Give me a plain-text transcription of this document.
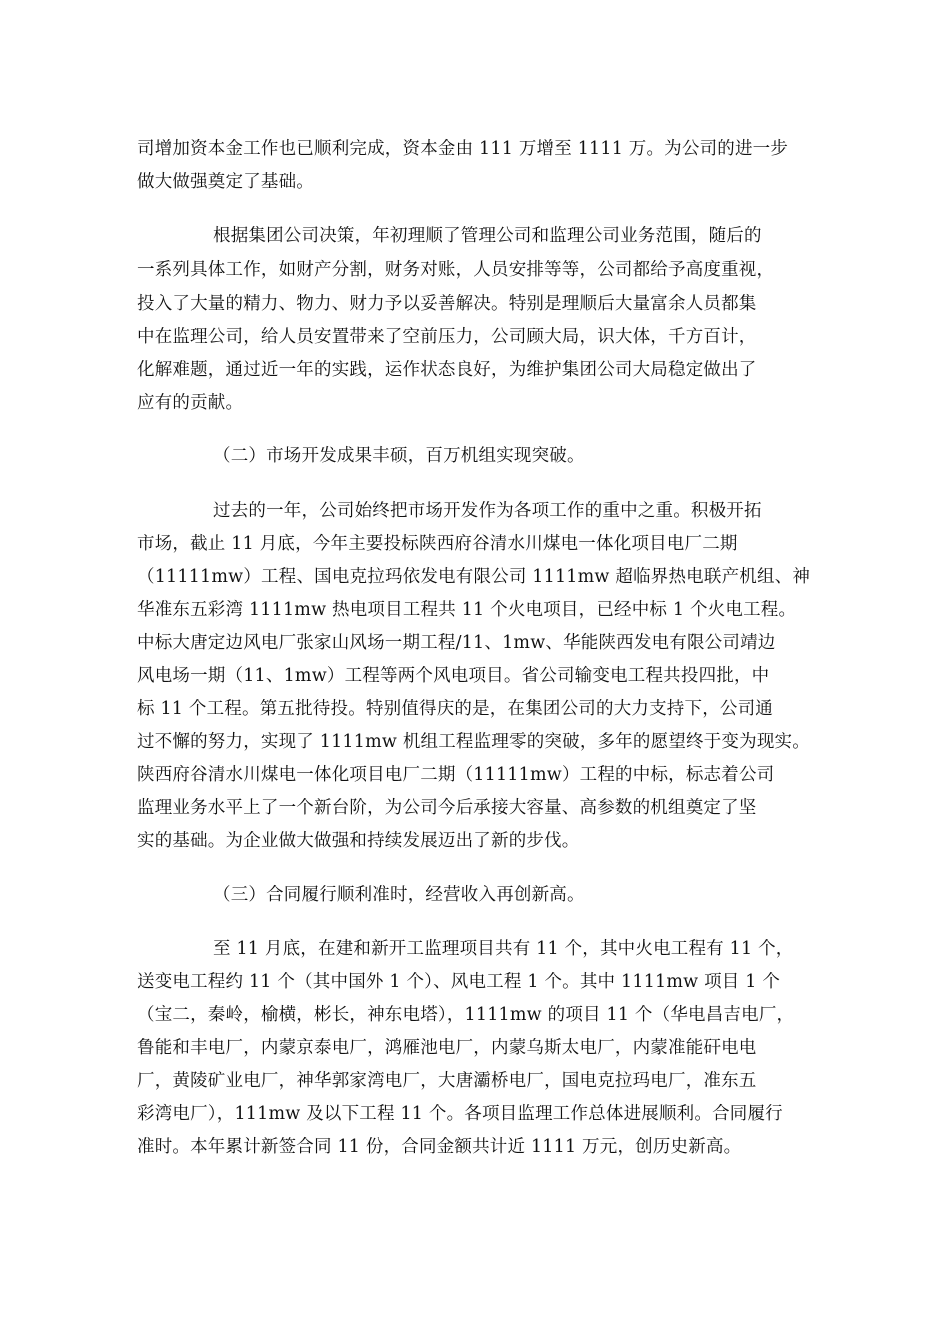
司增加资本金工作也已顺利完成，资本金由 111 万增至 1111 万。为公司的进一步
做大做强奠定了基础。
根据集团公司决策，年初理顺了管理公司和监理公司业务范围，随后的
一系列具体工作，如财产分割，财务对账，人员安排等等，公司都给予高度重视，
投入了大量的精力、物力、财力予以妥善解决。特别是理顺后大量富余人员都集
中在监理公司，给人员安置带来了空前压力，公司顾大局，识大体，千方百计，
化解难题，通过近一年的实践，运作状态良好，为维护集团公司大局稳定做出了
应有的贡献。
（二）市场开发成果丰硕，百万机组实现突破。
过去的一年，公司始终把市场开发作为各项工作的重中之重。积极开拓
市场，截止 11 月底，今年主要投标陕西府谷清水川煤电一体化项目电厂二期
（11111mw）工程、国电克拉玛依发电有限公司 1111mw 超临界热电联产机组、神
华准东五彩湾 1111mw 热电项目工程共 11 个火电项目，已经中标 1 个火电工程。
中标大唐定边风电厂张家山风场一期工程/11、1mw、华能陕西发电有限公司靖边
风电场一期（11、1mw）工程等两个风电项目。省公司输变电工程共投四批，中
标 11 个工程。第五批待投。特别值得庆的是，在集团公司的大力支持下，公司通
过不懈的努力，实现了 1111mw 机组工程监理零的突破，多年的愿望终于变为现实。
陕西府谷清水川煤电一体化项目电厂二期（11111mw）工程的中标，标志着公司
监理业务水平上了一个新台阶，为公司今后承接大容量、高参数的机组奠定了坚
实的基础。为企业做大做强和持续发展迈出了新的步伐。
（三）合同履行顺利准时，经营收入再创新高。
至 11 月底，在建和新开工监理项目共有 11 个，其中火电工程有 11 个，
送变电工程约 11 个（其中国外 1 个）、风电工程 1 个。其中 1111mw 项目 1 个
（宝二，秦岭，榆横，彬长，神东电塔），1111mw 的项目 11 个（华电昌吉电厂，
鲁能和丰电厂，内蒙京泰电厂，鸿雁池电厂，内蒙乌斯太电厂，内蒙准能矸电电
厂，黄陵矿业电厂，神华郭家湾电厂，大唐灞桥电厂，国电克拉玛电厂，准东五
彩湾电厂），111mw 及以下工程 11 个。各项目监理工作总体进展顺利。合同履行
准时。本年累计新签合同 11 份，合同金额共计近 1111 万元，创历史新高。
